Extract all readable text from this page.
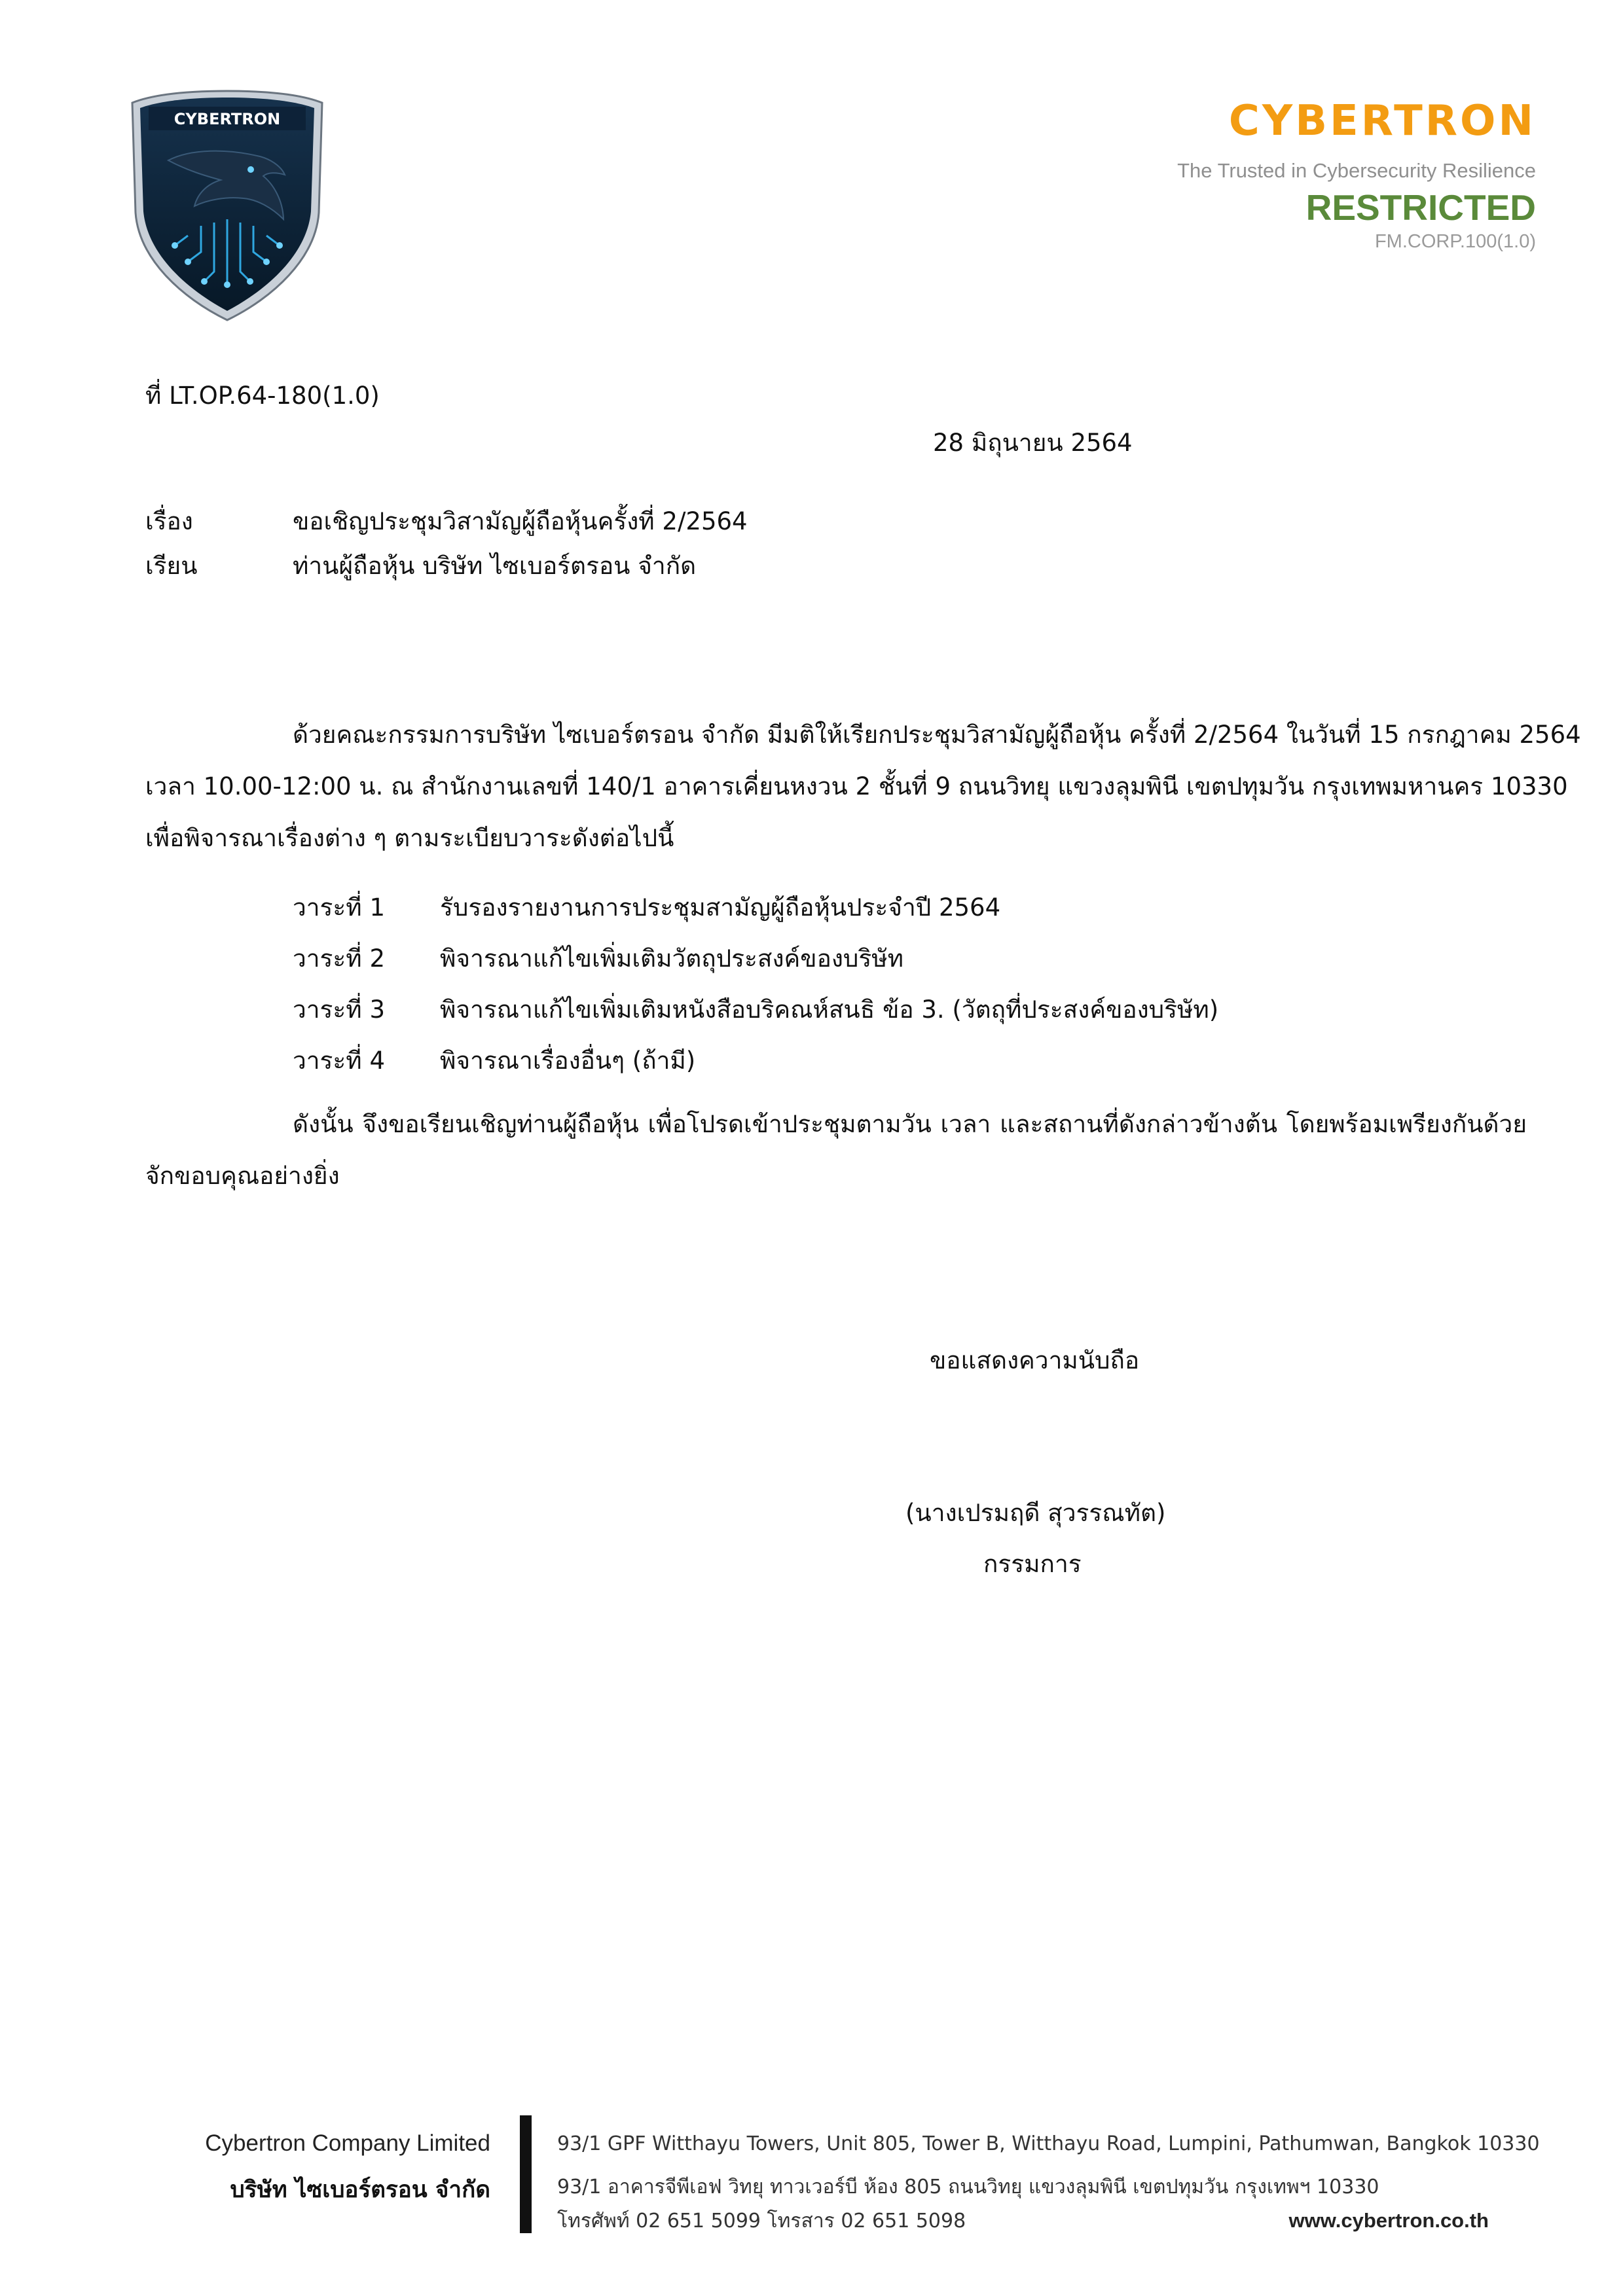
CYBERTRON	CYBERTRON
The Trusted in Cybersecurity Resilience
RESTRICTED
FM.CORP.100(1.0)
ที่ LT.OP.64-180(1.0)
28 มิถุนายน 2564
เรื่อง	ขอเชิญประชุมวิสามัญผู้ถือหุ้นครั้งที่ 2/2564
เรียน	ท่านผู้ถือหุ้น บริษัท ไซเบอร์ตรอน จำกัด
ด้วยคณะกรรมการบริษัท ไซเบอร์ตรอน จำกัด มีมติให้เรียกประชุมวิสามัญผู้ถือหุ้น ครั้งที่ 2/2564 ในวันที่ 15 กรกฎาคม 2564
เวลา 10.00-12:00 น. ณ สำนักงานเลขที่ 140/1 อาคารเคี่ยนหงวน 2 ชั้นที่ 9 ถนนวิทยุ แขวงลุมพินี เขตปทุมวัน กรุงเทพมหานคร 10330
เพื่อพิจารณาเรื่องต่าง ๆ ตามระเบียบวาระดังต่อไปนี้
วาระที่ 1 รับรองรายงานการประชุมสามัญผู้ถือหุ้นประจำปี 2564
วาระที่ 2 พิจารณาแก้ไขเพิ่มเติมวัตถุประสงค์ของบริษัท
วาระที่ 3 พิจารณาแก้ไขเพิ่มเติมหนังสือบริคณห์สนธิ ข้อ 3. (วัตถุที่ประสงค์ของบริษัท)
วาระที่ 4 พิจารณาเรื่องอื่นๆ (ถ้ามี)
ดังนั้น จึงขอเรียนเชิญท่านผู้ถือหุ้น เพื่อโปรดเข้าประชุมตามวัน เวลา และสถานที่ดังกล่าวข้างต้น โดยพร้อมเพรียงกันด้วย
จักขอบคุณอย่างยิ่ง
ขอแสดงความนับถือ
(นางเปรมฤดี สุวรรณทัต)
กรรมการ
Cybertron Company Limited
บริษัท ไซเบอร์ตรอน จำกัด
93/1 GPF Witthayu Towers, Unit 805, Tower B, Witthayu Road, Lumpini, Pathumwan, Bangkok 10330
93/1 อาคารจีพีเอฟ วิทยุ ทาวเวอร์บี ห้อง 805 ถนนวิทยุ แขวงลุมพินี เขตปทุมวัน กรุงเทพฯ 10330
โทรศัพท์ 02 651 5099 โทรสาร 02 651 5098	www.cybertron.co.th
